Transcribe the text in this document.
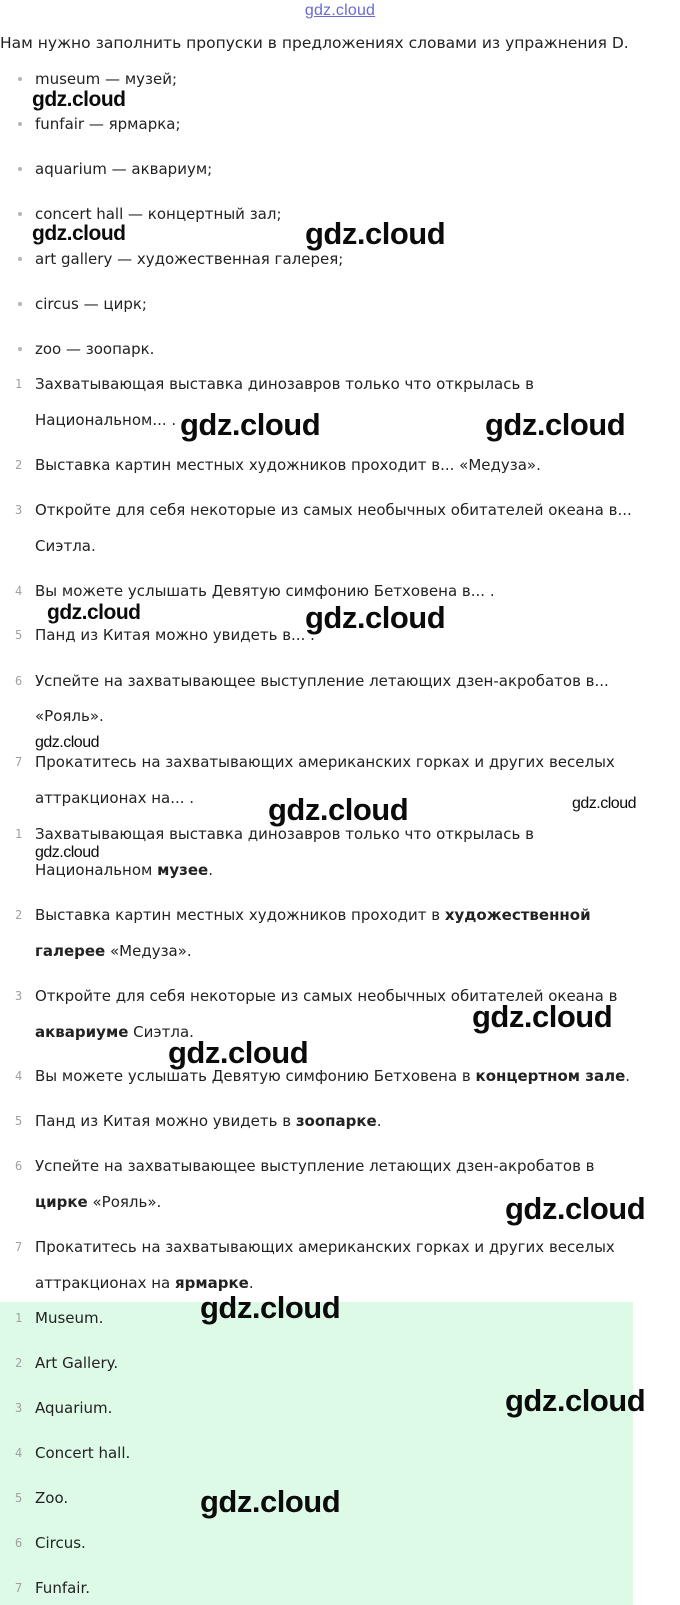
gdz.cloud
Нам нужно заполнить пропуски в предложениях словами из упражнения D.
museum — музей;
funfair — ярмарка;
aquarium — аквариум;
concert hall — концертный зал;
art gallery — художественная галерея;
circus — цирк;
zoo — зоопарк.
1 Захватывающая выставка динозавров только что открылась в
Национальном... .
2 Выставка картин местных художников проходит в... «Медуза».
3 Откройте для себя некоторые из самых необычных обитателей океана в...
Сиэтла.
4 Вы можете услышать Девятую симфонию Бетховена в... .
5 Панд из Китая можно увидеть в... .
6 Успейте на захватывающее выступление летающих дзен-акробатов в...
«Рояль».
7 Прокатитесь на захватывающих американских горках и других веселых
аттракционах на... .
1 Захватывающая выставка динозавров только что открылась в
Национальном музее.
2 Выставка картин местных художников проходит в художественной
галерее «Медуза».
3 Откройте для себя некоторые из самых необычных обитателей океана в
аквариуме Сиэтла.
4 Вы можете услышать Девятую симфонию Бетховена в концертном зале.
5 Панд из Китая можно увидеть в зоопарке.
6 Успейте на захватывающее выступление летающих дзен-акробатов в
цирке «Рояль».
7 Прокатитесь на захватывающих американских горках и других веселых
аттракционах на ярмарке.
1 Museum.
2 Art Gallery.
3 Aquarium.
4 Concert hall.
5 Zoo.
6 Circus.
7 Funfair.
gdz.cloud
gdz.cloud	gdz.cloud
gdz.cloud	gdz.cloud
gdz.cloud	gdz.cloud
gdz.cloud
gdz.cloud	gdz.cloud
gdz.cloud
gdz.cloud
gdz.cloud
gdz.cloud
gdz.cloud
gdz.cloud
gdz.cloud
